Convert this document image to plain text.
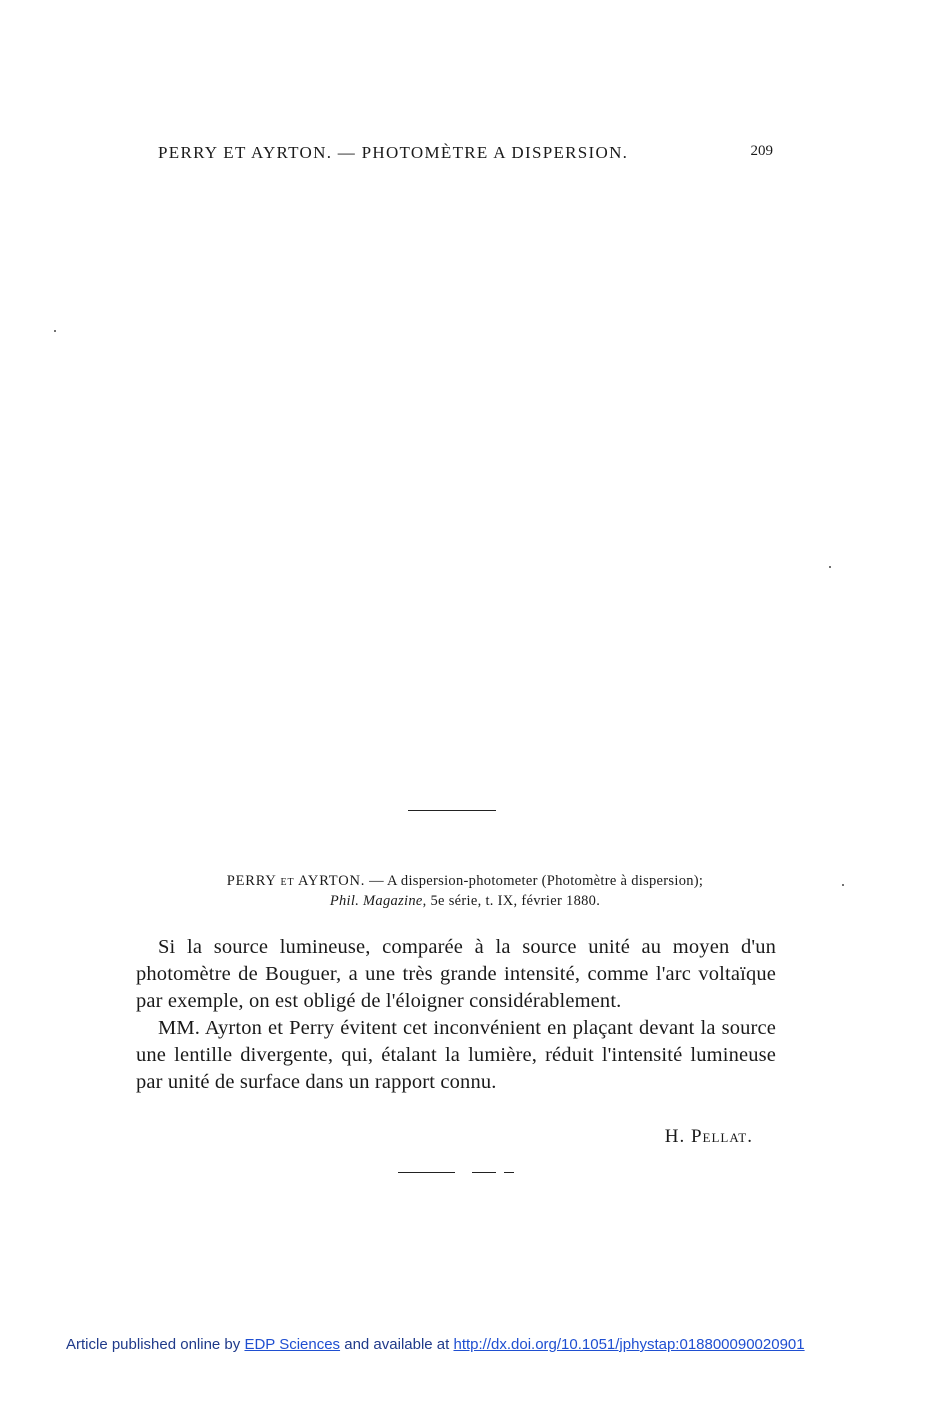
PERRY ET AYRTON. — PHOTOMÈTRE A DISPERSION.	209
PERRY et AYRTON. — A dispersion-photometer (Photomètre à dispersion);
Phil. Magazine, 5e série, t. IX, février 1880.

Si la source lumineuse, comparée à la source unité au moyen d'un photomètre de Bouguer, a une très grande intensité, comme l'arc voltaïque par exemple, on est obligé de l'éloigner considérablement.

MM. Ayrton et Perry évitent cet inconvénient en plaçant devant la source une lentille divergente, qui, étalant la lumière, réduit l'intensité lumineuse par unité de surface dans un rapport connu.

H. Pellat.
Article published online by EDP Sciences and available at http://dx.doi.org/10.1051/jphystap:018800090020901
